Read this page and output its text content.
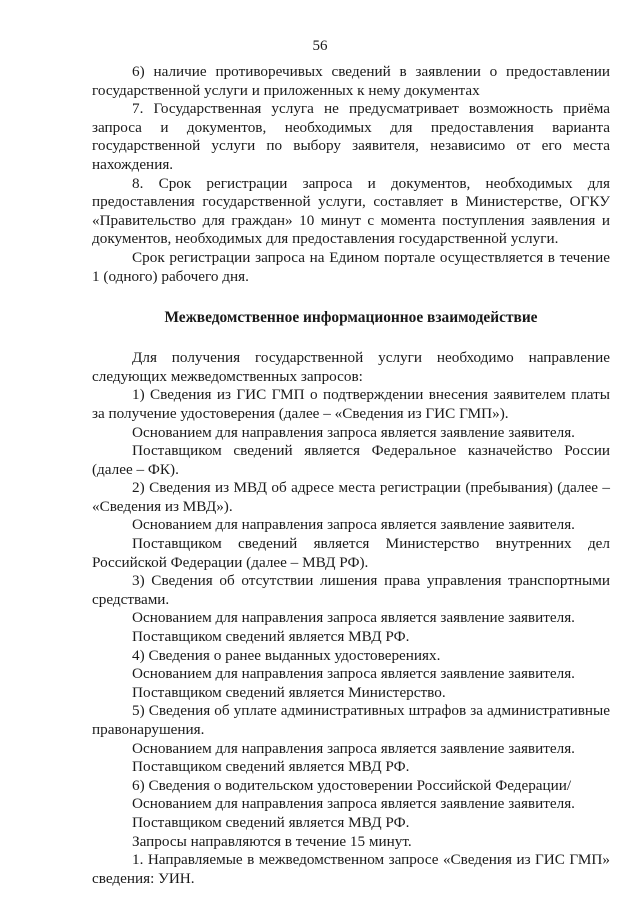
56

6) наличие противоречивых сведений в заявлении о предоставлении государственной услуги и приложенных к нему документах

7. Государственная услуга не предусматривает возможность приёма запроса и документов, необходимых для предоставления варианта государственной услуги по выбору заявителя, независимо от его места нахождения.

8. Срок регистрации запроса и документов, необходимых для предоставления государственной услуги, составляет в Министерстве, ОГКУ «Правительство для граждан» 10 минут с момента поступления заявления и документов, необходимых для предоставления государственной услуги.

Срок регистрации запроса на Едином портале осуществляется в течение 1 (одного) рабочего дня.

Межведомственное информационное взаимодействие

Для получения государственной услуги необходимо направление следующих межведомственных запросов:

1) Сведения из ГИС ГМП о подтверждении внесения заявителем платы за получение удостоверения (далее – «Сведения из ГИС ГМП»).

Основанием для направления запроса является заявление заявителя.

Поставщиком сведений является Федеральное казначейство России (далее – ФК).

2) Сведения из МВД об адресе места регистрации (пребывания) (далее – «Сведения из МВД»).

Основанием для направления запроса является заявление заявителя.

Поставщиком сведений является Министерство внутренних дел Российской Федерации (далее – МВД РФ).

3) Сведения об отсутствии лишения права управления транспортными средствами.

Основанием для направления запроса является заявление заявителя.

Поставщиком сведений является МВД РФ.

4) Сведения о ранее выданных удостоверениях.

Основанием для направления запроса является заявление заявителя.

Поставщиком сведений является Министерство.

5) Сведения об уплате административных штрафов за административные правонарушения.

Основанием для направления запроса является заявление заявителя.

Поставщиком сведений является МВД РФ.

6) Сведения о водительском удостоверении Российской Федерации/

Основанием для направления запроса является заявление заявителя.

Поставщиком сведений является МВД РФ.

Запросы направляются в течение 15 минут.

1. Направляемые в межведомственном запросе «Сведения из ГИС ГМП» сведения: УИН.
